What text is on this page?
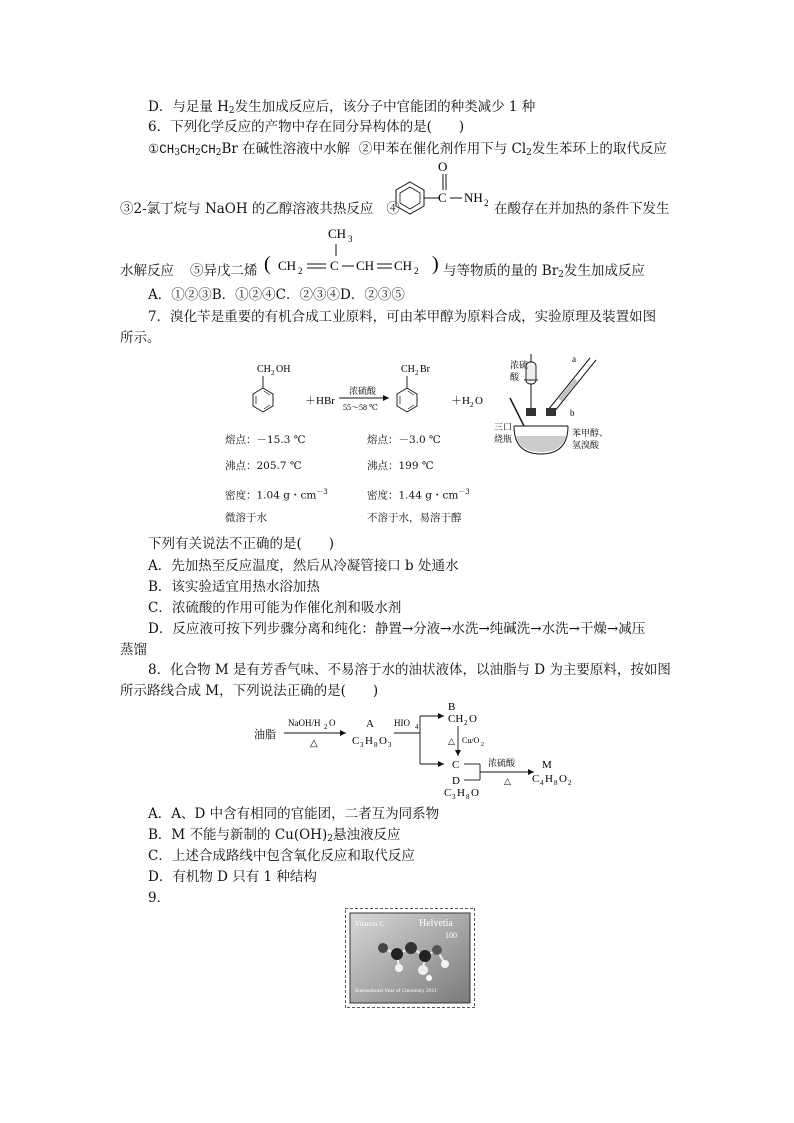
D．与足量 $H_2$发生加成反应后，该分子中官能团的种类减少 1 种
6．下列化学反应的产物中存在同分异构体的是(　　)
$①CH_3CH_2CH_2Br$ 在碱性溶液中水解 ②甲苯在催化剂作用下与 $Cl_2$发生苯环上的取代反应
③2-氯丁烷与 NaOH 的乙醇溶液共热反应 ④
O
C NH 2 在酸存在并加热的条件下发生
水解反应 ⑤异戊二烯 (
CH 3
CH 2 C CH CH 2 ) 与等物质的量的 $Br_2$发生加成反应
A．①②③B．①②④C．②③④D．②③⑤
7．溴化苄是重要的有机合成工业原料，可由苯甲醇为原料合成，实验原理及装置如图
所示。
CH 2 OH
＋HBr
浓硫酸
55～58 ℃
CH 2 Br
＋H 2 O
熔点：－15.3 ℃
沸点：205.7 ℃
密度：1.04 g・$cm^{-3}$
微溶于水
熔点：－3.0 ℃
沸点：199 ℃
密度：1.44 g・$cm^{-3}$
不溶于水，易溶于醇
浓硫
酸
a
b
三口
烧瓶
苯甲醇、
氢溴酸
下列有关说法不正确的是(　　)
A．先加热至反应温度，然后从冷凝管接口 b 处通水
B．该实验适宜用热水浴加热
C．浓硫酸的作用可能为作催化剂和吸水剂
D．反应液可按下列步骤分离和纯化：静置→分液→水洗→纯碱洗→水洗→干燥→减压
蒸馏
8．化合物 M 是有芳香气味、不易溶于水的油状液体，以油脂与 D 为主要原料，按如图
所示路线合成 M，下列说法正确的是(　　)
油脂
NaOH/H 2 O
△
A
C 3 H 8 O 3
HIO 4
B
CH 2 O
△ Cu/O 2
C
D
浓硫酸
△
C 3 H 8 O
M
C 4 H 8 O 2
A．A、D 中含有相同的官能团，二者互为同系物
B．M 不能与新制的 $Cu(OH)_2$悬浊液反应
C．上述合成路线中包含氧化反应和取代反应
D．有机物 D 只有 1 种结构
9．
Vitamin C	Helvetia
100
International Year of Chemistry 2011
